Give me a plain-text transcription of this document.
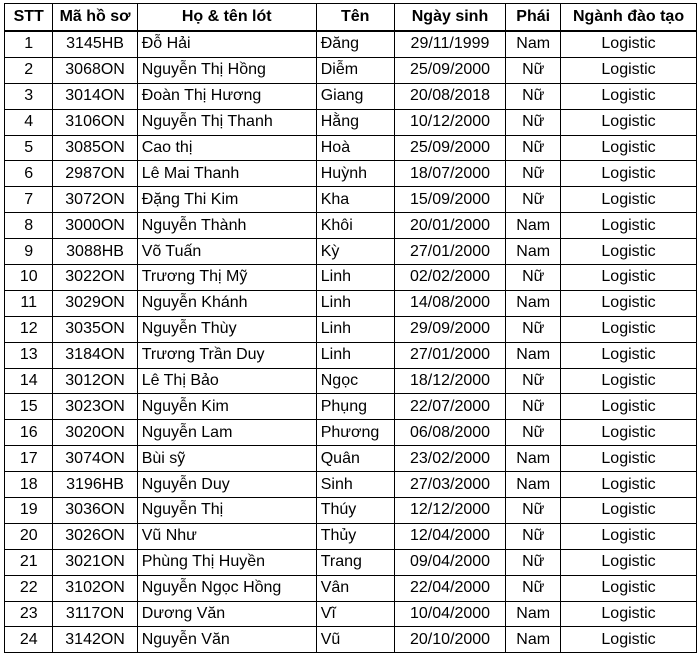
STT	Mã hồ sơ	Họ & tên lót	Tên	Ngày sinh	Phái	Ngành đào tạo
1	3145HB	Đỗ Hải	Đăng	29/11/1999	Nam	Logistic
2	3068ON	Nguyễn Thị Hồng	Diễm	25/09/2000	Nữ	Logistic
3	3014ON	Đoàn Thị Hương	Giang	20/08/2018	Nữ	Logistic
4	3106ON	Nguyễn Thị Thanh	Hằng	10/12/2000	Nữ	Logistic
5	3085ON	Cao thị	Hoà	25/09/2000	Nữ	Logistic
6	2987ON	Lê Mai Thanh	Huỳnh	18/07/2000	Nữ	Logistic
7	3072ON	Đặng Thi Kim	Kha	15/09/2000	Nữ	Logistic
8	3000ON	Nguyễn Thành	Khôi	20/01/2000	Nam	Logistic
9	3088HB	Võ Tuấn	Kỳ	27/01/2000	Nam	Logistic
10	3022ON	Trương Thị Mỹ	Linh	02/02/2000	Nữ	Logistic
11	3029ON	Nguyễn Khánh	Linh	14/08/2000	Nam	Logistic
12	3035ON	Nguyễn Thùy	Linh	29/09/2000	Nữ	Logistic
13	3184ON	Trương Trần Duy	Linh	27/01/2000	Nam	Logistic
14	3012ON	Lê Thị Bảo	Ngọc	18/12/2000	Nữ	Logistic
15	3023ON	Nguyễn Kim	Phụng	22/07/2000	Nữ	Logistic
16	3020ON	Nguyễn Lam	Phương	06/08/2000	Nữ	Logistic
17	3074ON	Bùi sỹ	Quân	23/02/2000	Nam	Logistic
18	3196HB	Nguyễn Duy	Sinh	27/03/2000	Nam	Logistic
19	3036ON	Nguyễn Thị	Thúy	12/12/2000	Nữ	Logistic
20	3026ON	Vũ Như	Thủy	12/04/2000	Nữ	Logistic
21	3021ON	Phùng Thị Huyền	Trang	09/04/2000	Nữ	Logistic
22	3102ON	Nguyễn Ngọc Hồng	Vân	22/04/2000	Nữ	Logistic
23	3117ON	Dương Văn	Vĩ	10/04/2000	Nam	Logistic
24	3142ON	Nguyễn Văn	Vũ	20/10/2000	Nam	Logistic
